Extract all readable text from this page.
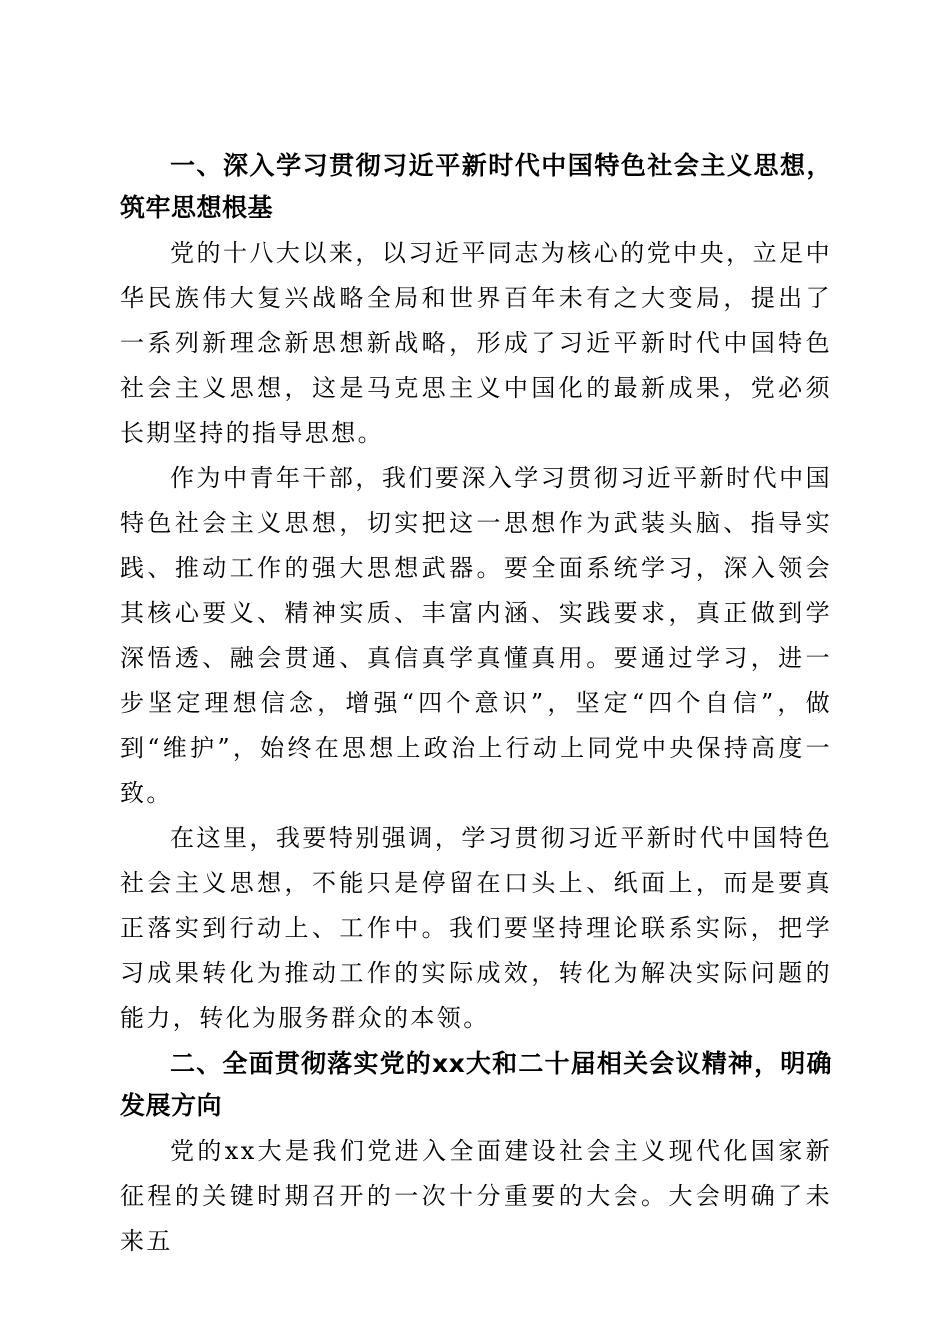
一、深入学习贯彻习近平新时代中国特色社会主义思想，筑牢思想根基

党的十八大以来，以习近平同志为核心的党中央，立足中华民族伟大复兴战略全局和世界百年未有之大变局，提出了一系列新理念新思想新战略，形成了习近平新时代中国特色社会主义思想，这是马克思主义中国化的最新成果，党必须长期坚持的指导思想。

作为中青年干部，我们要深入学习贯彻习近平新时代中国特色社会主义思想，切实把这一思想作为武装头脑、指导实践、推动工作的强大思想武器。要全面系统学习，深入领会其核心要义、精神实质、丰富内涵、实践要求，真正做到学深悟透、融会贯通、真信真学真懂真用。要通过学习，进一步坚定理想信念，增强“四个意识”，坚定“四个自信”，做到“维护”，始终在思想上政治上行动上同党中央保持高度一致。

在这里，我要特别强调，学习贯彻习近平新时代中国特色社会主义思想，不能只是停留在口头上、纸面上，而是要真正落实到行动上、工作中。我们要坚持理论联系实际，把学习成果转化为推动工作的实际成效，转化为解决实际问题的能力，转化为服务群众的本领。

二、全面贯彻落实党的xx大和二十届相关会议精神，明确发展方向

党的xx大是我们党进入全面建设社会主义现代化国家新征程的关键时期召开的一次十分重要的大会。大会明确了未来五
